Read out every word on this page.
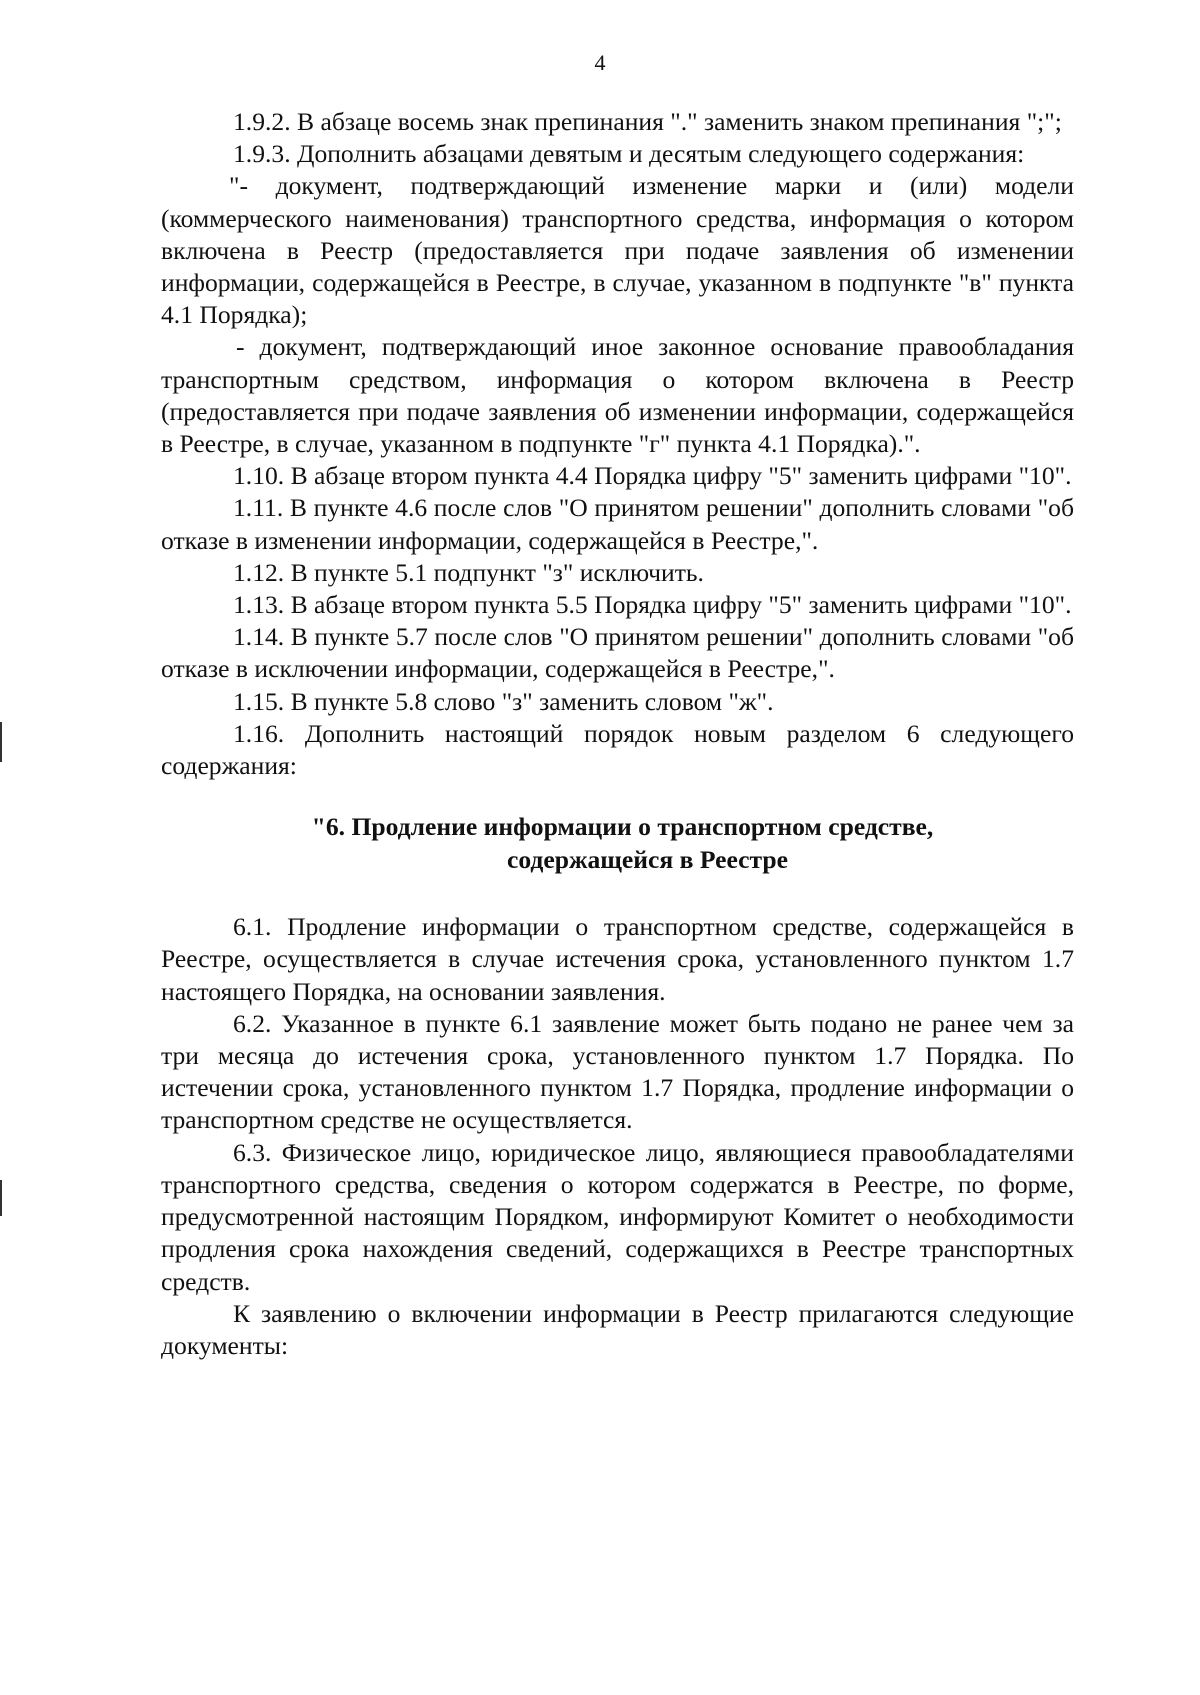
4

1.9.2. В абзаце восемь знак препинания "." заменить знаком препинания ";";

1.9.3. Дополнить абзацами девятым и десятым следующего содержания:

"- документ, подтверждающий изменение марки и (или) модели (коммерческого наименования) транспортного средства, информация о котором включена в Реестр (предоставляется при подаче заявления об изменении информации, содержащейся в Реестре, в случае, указанном в подпункте "в" пункта 4.1 Порядка);

- документ, подтверждающий иное законное основание правообладания транспортным средством, информация о котором включена в Реестр (предоставляется при подаче заявления об изменении информации, содержащейся в Реестре, в случае, указанном в подпункте "г" пункта 4.1 Порядка).".

1.10. В абзаце втором пункта 4.4 Порядка цифру "5" заменить цифрами "10".

1.11. В пункте 4.6 после слов "О принятом решении" дополнить словами "об отказе в изменении информации, содержащейся в Реестре,".

1.12. В пункте 5.1 подпункт "з" исключить.

1.13. В абзаце втором пункта 5.5 Порядка цифру "5" заменить цифрами "10".

1.14. В пункте 5.7 после слов "О принятом решении" дополнить словами "об отказе в исключении информации, содержащейся в Реестре,".

1.15. В пункте 5.8 слово "з" заменить словом "ж".

1.16. Дополнить настоящий порядок новым разделом 6 следующего содержания:

"6. Продление информации о транспортном средстве,
содержащейся в Реестре

6.1. Продление информации о транспортном средстве, содержащейся в Реестре, осуществляется в случае истечения срока, установленного пунктом 1.7 настоящего Порядка, на основании заявления.

6.2. Указанное в пункте 6.1 заявление может быть подано не ранее чем за три месяца до истечения срока, установленного пунктом 1.7 Порядка. По истечении срока, установленного пунктом 1.7 Порядка, продление информации о транспортном средстве не осуществляется.

6.3. Физическое лицо, юридическое лицо, являющиеся правообладателями транспортного средства, сведения о котором содержатся в Реестре, по форме, предусмотренной настоящим Порядком, информируют Комитет о необходимости продления срока нахождения сведений, содержащихся в Реестре транспортных средств.

К заявлению о включении информации в Реестр прилагаются следующие документы:
